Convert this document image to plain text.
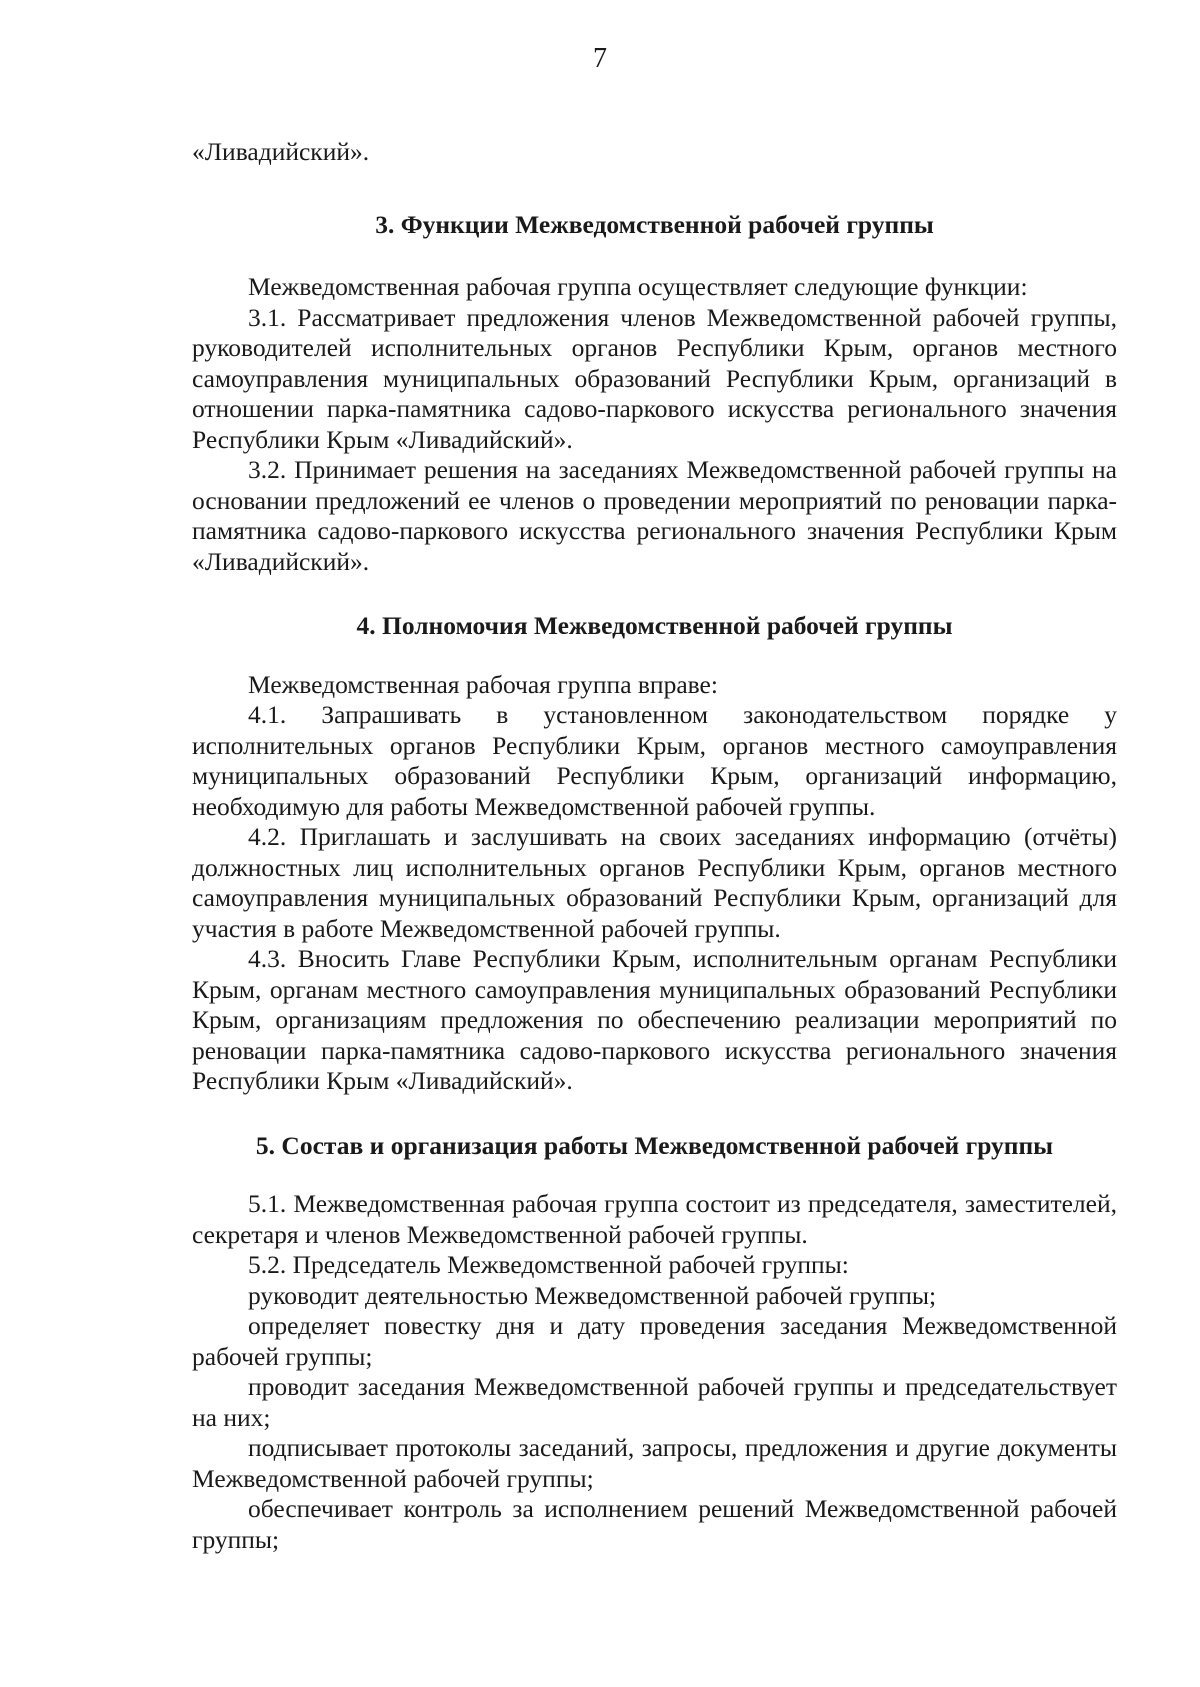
7

«Ливадийский».

3. Функции Межведомственной рабочей группы

Межведомственная рабочая группа осуществляет следующие функции:

3.1. Рассматривает предложения членов Межведомственной рабочей группы, руководителей исполнительных органов Республики Крым, органов местного самоуправления муниципальных образований Республики Крым, организаций в отношении парка-памятника садово-паркового искусства регионального значения Республики Крым «Ливадийский».

3.2. Принимает решения на заседаниях Межведомственной рабочей группы на основании предложений ее членов о проведении мероприятий по реновации парка-памятника садово-паркового искусства регионального значения Республики Крым «Ливадийский».

4. Полномочия Межведомственной рабочей группы

Межведомственная рабочая группа вправе:

4.1. Запрашивать в установленном законодательством порядке у исполнительных органов Республики Крым, органов местного самоуправления муниципальных образований Республики Крым, организаций информацию, необходимую для работы Межведомственной рабочей группы.

4.2. Приглашать и заслушивать на своих заседаниях информацию (отчёты) должностных лиц исполнительных органов Республики Крым, органов местного самоуправления муниципальных образований Республики Крым, организаций для участия в работе Межведомственной рабочей группы.

4.3. Вносить Главе Республики Крым, исполнительным органам Республики Крым, органам местного самоуправления муниципальных образований Республики Крым, организациям предложения по обеспечению реализации мероприятий по реновации парка-памятника садово-паркового искусства регионального значения Республики Крым «Ливадийский».

5. Состав и организация работы Межведомственной рабочей группы

5.1. Межведомственная рабочая группа состоит из председателя, заместителей, секретаря и членов Межведомственной рабочей группы.

5.2. Председатель Межведомственной рабочей группы:

руководит деятельностью Межведомственной рабочей группы;

определяет повестку дня и дату проведения заседания Межведомственной рабочей группы;

проводит заседания Межведомственной рабочей группы и председательствует на них;

подписывает протоколы заседаний, запросы, предложения и другие документы Межведомственной рабочей группы;

обеспечивает контроль за исполнением решений Межведомственной рабочей группы;
